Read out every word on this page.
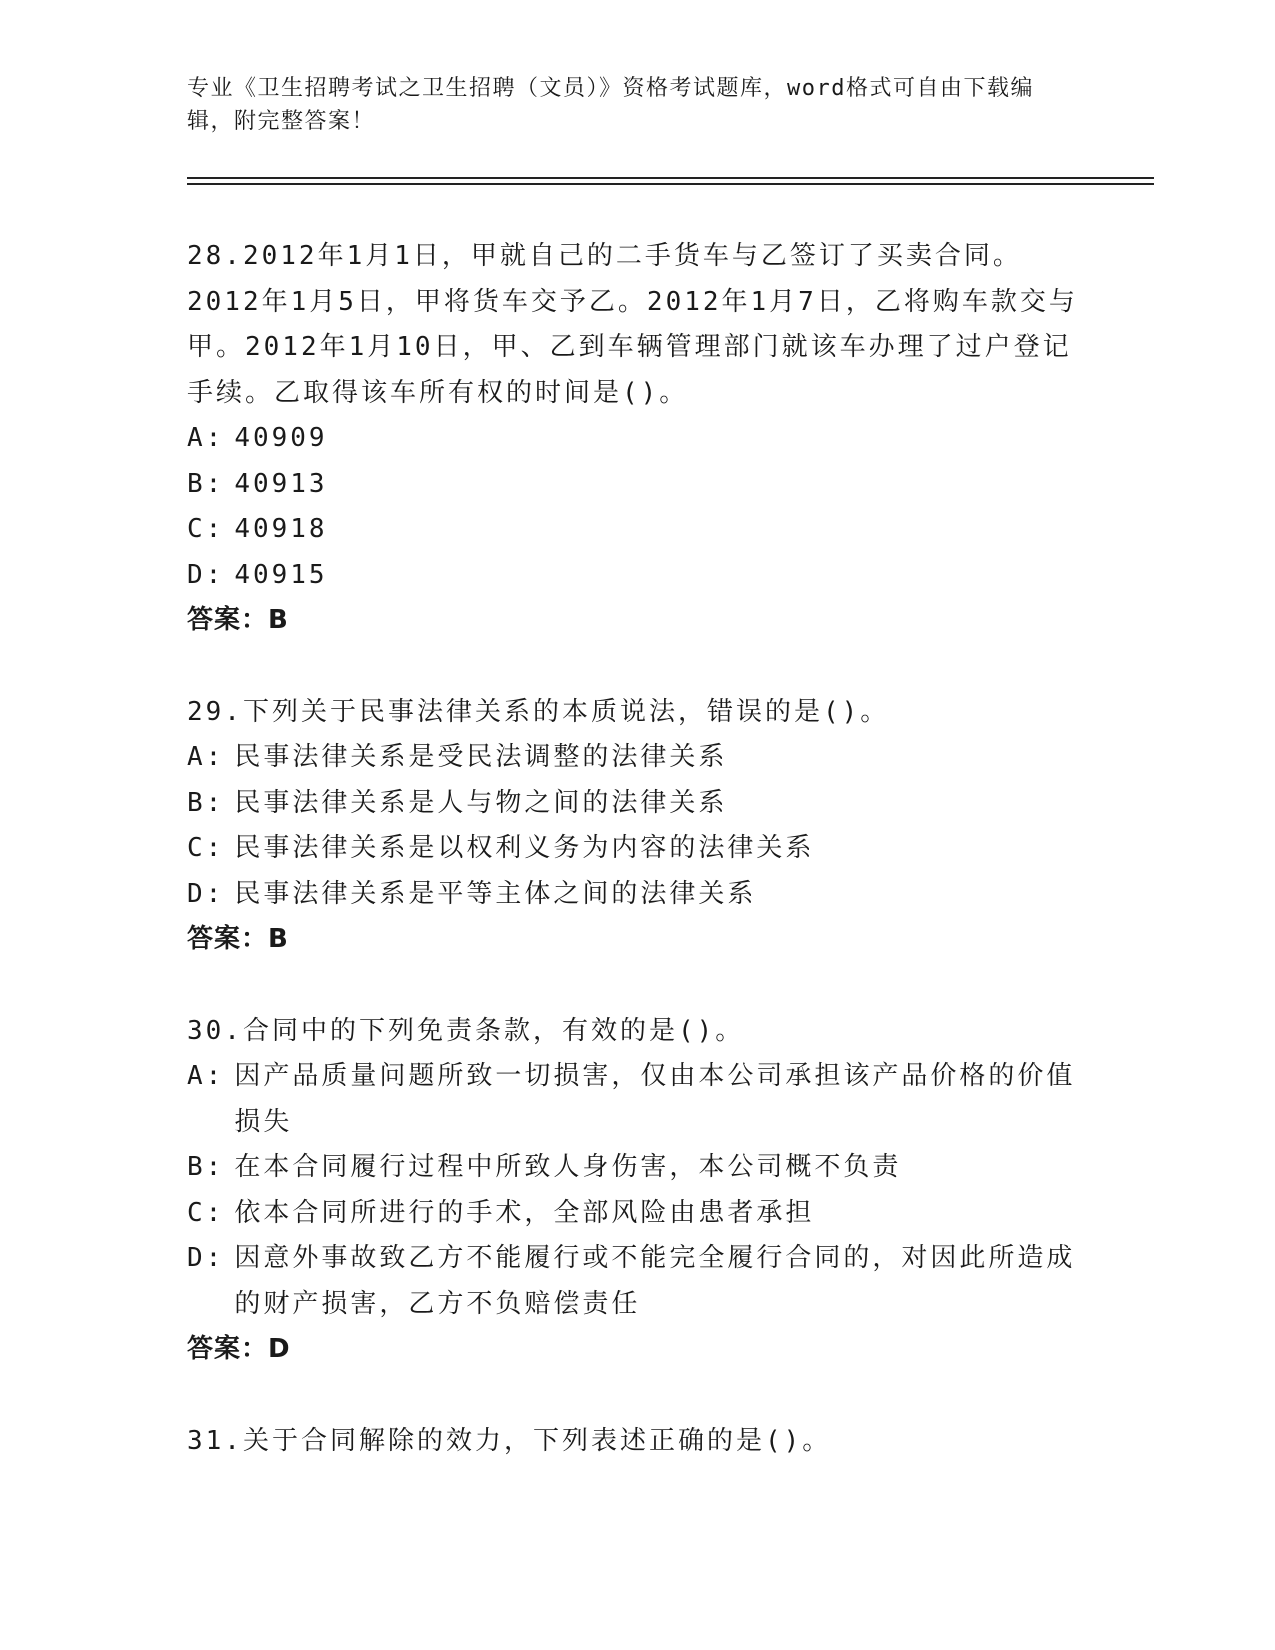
专业《卫生招聘考试之卫生招聘（文员）》资格考试题库，word格式可自由下载编辑，附完整答案！
28.2012年1月1日，甲就自己的二手货车与乙签订了买卖合同。2012年1月5日，甲将货车交予乙。2012年1月7日，乙将购车款交与甲。2012年1月10日，甲、乙到车辆管理部门就该车办理了过户登记手续。乙取得该车所有权的时间是()。
A : 40909
B : 40913
C : 40918
D : 40915
答案：B
29.下列关于民事法律关系的本质说法，错误的是()。
A : 民事法律关系是受民法调整的法律关系
B : 民事法律关系是人与物之间的法律关系
C : 民事法律关系是以权利义务为内容的法律关系
D : 民事法律关系是平等主体之间的法律关系
答案：B
30.合同中的下列免责条款，有效的是()。
A : 因产品质量问题所致一切损害，仅由本公司承担该产品价格的价值损失
B : 在本合同履行过程中所致人身伤害，本公司概不负责
C : 依本合同所进行的手术，全部风险由患者承担
D : 因意外事故致乙方不能履行或不能完全履行合同的，对因此所造成的财产损害，乙方不负赔偿责任
答案：D
31.关于合同解除的效力，下列表述正确的是()。
